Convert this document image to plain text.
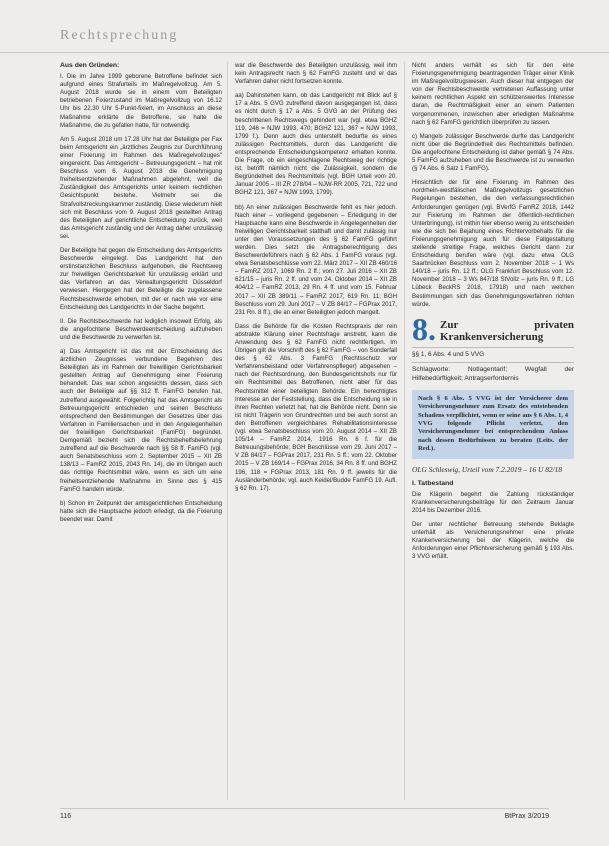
Rechtsprechung

Aus den Gründen:

I. Die im Jahre 1999 geborene Betroffene befindet sich aufgrund eines Strafurteils im Maßregelvollzug. Am 5. August 2018 wurde sie in einem vom Beteiligten betriebenen Fixierzustand im Maßregelvollzug von 16.12 Uhr bis 22.30 Uhr 5-Punkt-fixiert, im Anschluss an diese Maßnahme erklärte die Betroffene, sie halte die Maßnahme, die zu gefallen hatte, für notwendig.

Am 5. August 2018 um 17.28 Uhr hat der Beteiligte per Fax beim Amtsgericht ein „ärztliches Zeugnis zur Durchführung einer Fixierung im Rahmen des Maßregelvollzuges" eingereicht. Das Amtsgericht – Betreuungsgericht – hat mit Beschluss vom 6. August 2018 die Genehmigung freiheitsentziehender Maßnahmen abgelehnt, weil die Zuständigkeit des Amtsgerichts unter keinem rechtlichen Gesichtspunkt bestehe. Vielmehr sei die Strafvollstreckungskammer zuständig. Diese wiederum hielt sich mit Beschluss vom 9. August 2018 gestellten Antrag des Beteiligten auf gerichtliche Entscheidung zurück, weil das Amtsgericht zuständig und der Antrag daher unzulässig sei.

Der Beteiligte hat gegen die Entscheidung des Amtsgerichts Beschwerde eingelegt. Das Landgericht hat den erstinstanzlichen Beschluss aufgehoben, die Rechtsweg zur freiwilligen Gerichtsbarkeit für unzulässig erklärt und das Verfahren an das Verwaltungsgericht Düsseldorf verwiesen. Hiergegen hat der Beteiligte die zugelassene Rechtsbeschwerde erhoben, mit der er nach wie vor eine Entscheidung des Landgerichts in der Sache begehrt.

II. Die Rechtsbeschwerde hat lediglich insoweit Erfolg, als die angefochtene Beschwerdeentscheidung aufzuheben und die Beschwerde zu verwerfen ist.

a) Das Amtsgericht ist das mit der Entscheidung des ärztlichen Zeugnisses verbundene Begehren des Beteiligten als im Rahmen der freiwilligen Gerichtsbarkeit gestellten Antrag auf Genehmigung einer Fixierung behandelt. Das war schon angesichts dessen, dass sich auch der Beteiligte auf §§ 312 ff. FamFG berufen hat, zutreffend ausgewählt. Folgerichtig hat das Amtsgericht als Betreuungsgericht entschieden und seinen Beschluss entsprechend den Bestimmungen der Gesetzes über das Verfahren in Familiensachen und in den Angelegenheiten der freiwilligen Gerichtsbarkeit (FamFG) begründet. Demgemäß bezieht sich die Rechtsbehelfsbelehrung zutreffend auf die Beschwerde nach §§ 58 ff. FamFG (vgl. auch Senatsbeschluss vom 2. September 2015 – XII ZB 138/13 – FamRZ 2015, 2043 Rn. 14), die im Übrigen auch das richtige Rechtsmittel wäre, wenn es sich um eine freiheitsentziehende Maßnahme im Sinne des § 415 FamFG handeln würde.

b) Schon im Zeitpunkt der amtsgerichtlichen Entscheidung hatte sich die Hauptsache jedoch erledigt, da die Fixierung beendet war. Damit

war die Beschwerde des Beteiligten unzulässig, weil ihm kein Antragsrecht nach § 62 FamFG zusteht und er das Verfahren daher nicht fortsetzen konnte.

aa) Dahinstehen kann, ob das Landgericht mit Blick auf § 17 a Abs. 5 GVG zutreffend davon ausgegangen ist, dass es nicht durch § 17 a Abs. 5 GVG an der Prüfung des beschrittenen Rechtswegs gehindert war (vgl. etwa BGHZ 119, 246 = NJW 1993, 470; BGHZ 121, 367 = NJW 1993, 1799 f.). Denn auch dies unterstellt bedurfte es eines zulässigen Rechtsmittels, durch das Landgericht die entsprechende Entscheidungskompetenz erhalten konnte. Die Frage, ob ein eingeschlagene Rechtsweg der richtige ist, betrifft nämlich nicht die Zulässigkeit, sondern die Begründetheit des Rechtsmittels (vgl. BGH Urteil vom 20. Januar 2005 – III ZR 278/04 – NJW-RR 2005, 721, 722 und BGHZ 121, 367 = NJW 1993, 1799).

bb) An einer zulässigen Beschwerde fehlt es hier jedoch. Nach einer – vorliegend gegebenen – Erledigung in der Hauptsache kann eine Beschwerde in Angelegenheiten der freiwilligen Gerichtsbarkeit statthaft und damit zulässig nur unter den Voraussetzungen des § 62 FamFG geführt werden. Dies setzt die Antragsberechtigung des Beschwerdeführers nach § 62 Abs. 1 FamFG voraus (vgl. etwa Senatsbeschlüsse vom 22. März 2017 – XII ZB 460/16 – FamRZ 2017, 1069 Rn. 2 ff.; vom 27. Juli 2016 – XII ZB 621/15 – juris Rn. 2 ff. und vom 24. Oktober 2014 – XII ZB 404/12 – FamRZ 2013, 29 Rn. 4 ff. und vom 15. Februar 2017 – XII ZB 389/11 – FamRZ 2017, 619 Rn. 11; BGH Beschluss vom 29. Juni 2017 – V ZB 84/17 – FGPrax 2017, 231 Rn. 8 ff.), die an einer Beteiligten jedoch mangelt.

Dass die Behörde für die Kosten Rechtspraxis der rein abstrakte Klärung einer Rechtsfrage anstrebt, kann die Anwendung des § 62 FamFG nicht rechtfertigen. Im Übrigen gilt die Vorschrift des § 62 FamFG – von Sonderfall des § 62 Abs. 3 FamFG (Rechtsschutz vor Verfahrensbeistand oder Verfahrenspfleger) abgesehen – nach der Rechtsordnung, den Bundesgerichtshofs nur für ein Rechtsmittel des Betroffenen, nicht aber für das Rechtsmittel einer beteiligten Behörde. Ein berechtigtes Interesse an der Feststellung, dass die Entscheidung sie in ihren Rechten verletzt hat, hat die Behörde nicht. Denn sie ist nicht Trägerin von Grundrechten und bei auch sonst an den Betroffenen vergleichbares Rehabilitationsinteresse (vgl. etwa Senatsbeschluss vom 20. August 2014 – XII ZB 105/14 – FamRZ 2014, 1916 Rn. 6 f. für die Betreuungsbehörde; BGH Beschlüsse vom 29. Juni 2017 – V ZB 84/17 – FGPrax 2017, 231 Rn. 5 ff.; vom 22. Oktober 2015 – V ZB 169/14 – FGPrax 2016, 34 Rn. 8 ff. und BGHZ 196, 118 = FGPrax 2013, 181 Rn. 9 ff. jeweils für die Ausländerbehörde; vgl. auch Keidel/Budde FamFG 19. Aufl. § 62 Rn. 17).

Nicht anders verhält es sich für den eine Fixierungsgenehmigung beantragenden Träger einer Klinik im Maßregelvollzugswesen. Auch dieser hat entgegen der von der Rechtsbeschwerde vertretenen Auffassung unter keinem rechtlichen Aspekt ein schützenswertes Interesse daran, die Rechtmäßigkeit einer an einem Patienten vorgenommenen, inzwischen aber erledigten Maßnahme nach § 62 FamFG gerichtlich überprüfen zu lassen.

c) Mangels zulässiger Beschwerde durfte das Landgericht nicht über die Begründetheit des Rechtsmittels befinden. Die angefochtene Entscheidung ist daher gemäß § 74 Abs. 5 FamFG aufzuheben und die Beschwerde ist zu verwerfen (§ 74 Abs. 6 Satz 1 FamFG).

Hinsichtlich der für eine Fixierung im Rahmen des nordrhein-westfälischen Maßregelvollzugs gesetzlichen Regelungen bestehen, die den verfassungsrechtlichen Anforderungen genügen (vgl. BVerfG FamRZ 2018, 1442 zur Fixierung im Rahmen der öffentlich-rechtlichen Unterbringung), ist mithin hier ebenso wenig zu entscheiden wie die sich bei Bejahung eines Richtervorbehalts für die Fixierungsgenehmigung auch für diese Fallgestaltung stellende streitige Frage, welches Gericht dann zur Entscheidung berufen wäre (vgl. dazu etwa OLG Saarbrücken Beschluss vom 2. November 2018 – 1 Ws 140/18 – juris Rn. 12 ff.; OLG Frankfurt Beschluss vom 12. November 2018 – 3 Ws 847/18 StVollz – juris Rn. 9 ff.; LG Lübeck BeckRS 2018, 17918) und nach welchen Bestimmungen sich das Genehmigungsverfahren richten würde.

8. Zur privaten Krankenversicherung
§§ 1, 6 Abs. 4 und 5 VVG
Schlagworte: Notlagentarif; Wegfall der Hilfebedürftigkeit; Antragserfordernis
Nach § 6 Abs. 5 VVG ist der Versicherer dem Versicherungsnehmer zum Ersatz des entstehenden Schadens verpflichtet, wenn er seine aus § 6 Abs. 1, 4 VVG folgende Pflicht verletzt, den Versicherungsnehmer bei entsprechendem Anlass nach dessen Bedürfnissen zu beraten (Leits. der Red.).
OLG Schleswig, Urteil vom 7.2.2019 – 16 U 82/18

I. Tatbestand

Die Klägerin begehrt die Zahlung rückständiger Krankenversicherungsbeiträge für den Zeitraum Januar 2014 bis Dezember 2016.

Der unter rechtlicher Betreuung stehende Beklagte unterhält als Versicherungsnehmer eine private Krankenversicherung bei der Klägerin, welche die Anforderungen einer Pflichtversicherung gemäß § 193 Abs. 3 VVG erfüllt.

116	BtPrax 3/2019
